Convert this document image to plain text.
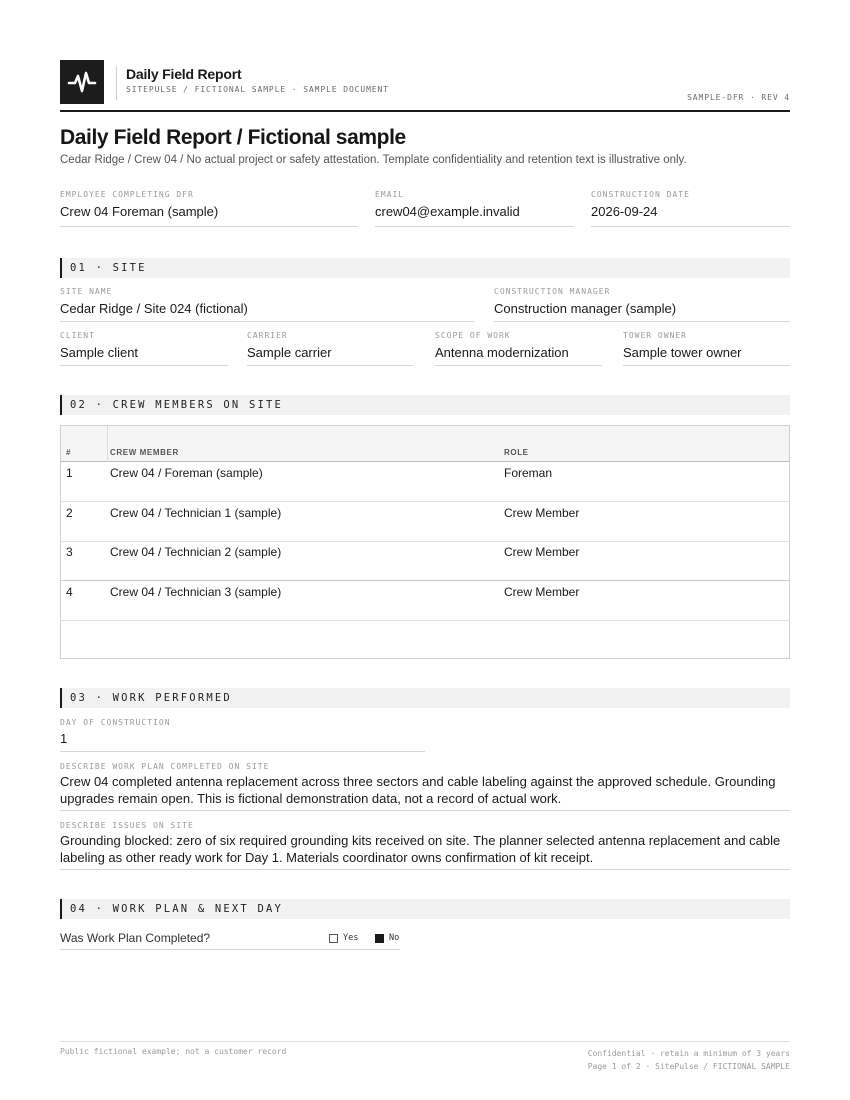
Daily Field Report
SITEPULSE / FICTIONAL SAMPLE · SAMPLE DOCUMENT
SAMPLE-DFR · REV 4
Daily Field Report / Fictional sample
Cedar Ridge / Crew 04 / No actual project or safety attestation. Template confidentiality and retention text is illustrative only.
EMPLOYEE COMPLETING DFR
Crew 04 Foreman (sample)
EMAIL
crew04@example.invalid
CONSTRUCTION DATE
2026-09-24
01 · SITE
SITE NAME
Cedar Ridge / Site 024 (fictional)
CONSTRUCTION MANAGER
Construction manager (sample)
CLIENT
Sample client
CARRIER
Sample carrier
SCOPE OF WORK
Antenna modernization
TOWER OWNER
Sample tower owner
02 · CREW MEMBERS ON SITE
#	CREW MEMBER	ROLE
1	Crew 04 / Foreman (sample)	Foreman
2	Crew 04 / Technician 1 (sample)	Crew Member
3	Crew 04 / Technician 2 (sample)	Crew Member
4	Crew 04 / Technician 3 (sample)	Crew Member
03 · WORK PERFORMED
DAY OF CONSTRUCTION
1
DESCRIBE WORK PLAN COMPLETED ON SITE
Crew 04 completed antenna replacement across three sectors and cable labeling against the approved schedule. Grounding upgrades remain open. This is fictional demonstration data, not a record of actual work.
DESCRIBE ISSUES ON SITE
Grounding blocked: zero of six required grounding kits received on site. The planner selected antenna replacement and cable labeling as other ready work for Day 1. Materials coordinator owns confirmation of kit receipt.
04 · WORK PLAN & NEXT DAY
Was Work Plan Completed?	Yes	No
Public fictional example; not a customer record	Confidential · retain a minimum of 3 years
Page 1 of 2 · SitePulse / FICTIONAL SAMPLE
